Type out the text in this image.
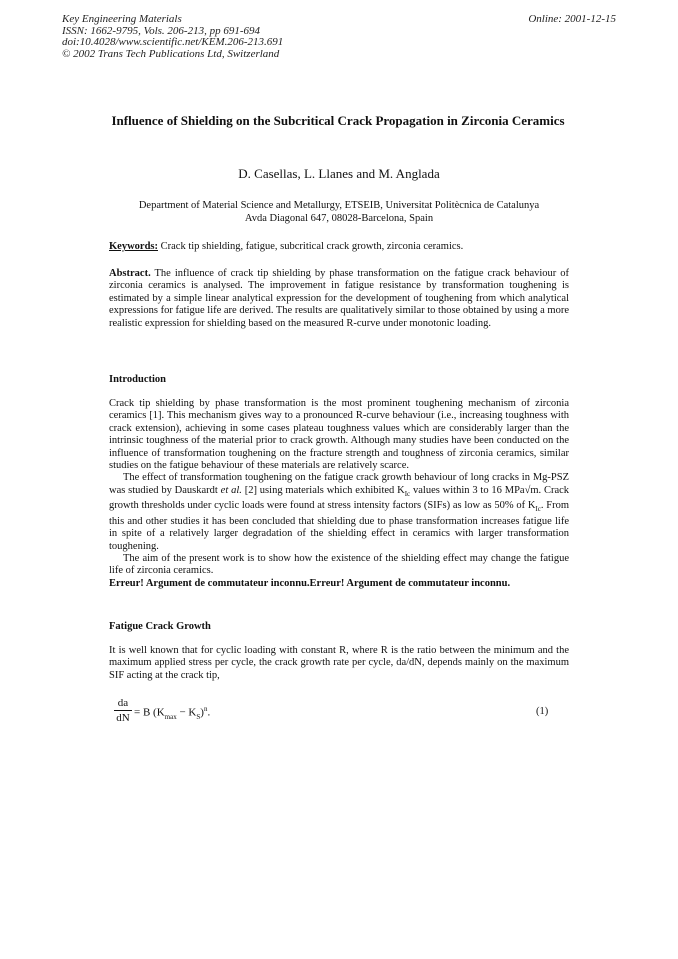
Key Engineering Materials
ISSN: 1662-9795, Vols. 206-213, pp 691-694
doi:10.4028/www.scientific.net/KEM.206-213.691
© 2002 Trans Tech Publications Ltd, Switzerland
Online: 2001-12-15
Influence of Shielding on the Subcritical Crack Propagation in Zirconia Ceramics
D. Casellas, L. Llanes and M. Anglada
Department of Material Science and Metallurgy, ETSEIB, Universitat Politècnica de Catalunya
Avda Diagonal 647, 08028-Barcelona, Spain
Keywords: Crack tip shielding, fatigue, subcritical crack growth, zirconia ceramics.

Abstract. The influence of crack tip shielding by phase transformation on the fatigue crack behaviour of zirconia ceramics is analysed. The improvement in fatigue resistance by transformation toughening is estimated by a simple linear analytical expression for the development of toughening from which analytical expressions for fatigue life are derived. The results are qualitatively similar to those obtained by using a more realistic expression for shielding based on the measured R-curve under monotonic loading.

Introduction

Crack tip shielding by phase transformation is the most prominent toughening mechanism of zirconia ceramics [1]. This mechanism gives way to a pronounced R-curve behaviour (i.e., increasing toughness with crack extension), achieving in some cases plateau toughness values which are considerably larger than the intrinsic toughness of the material prior to crack growth. Although many studies have been conducted on the influence of transformation toughening on the fracture strength and toughness of zirconia ceramics, similar studies on the fatigue behaviour of these materials are relatively scarce.

The effect of transformation toughening on the fatigue crack growth behaviour of long cracks in Mg-PSZ was studied by Dauskardt et al. [2] using materials which exhibited $K_{Ic}$ values within 3 to 16 MPa√m. Crack growth thresholds under cyclic loads were found at stress intensity factors (SIFs) as low as 50% of $K_{Ic}$. From this and other studies it has been concluded that shielding due to phase transformation increases fatigue life in spite of a relatively larger degradation of the shielding effect in ceramics with larger transformation toughening.

The aim of the present work is to show how the existence of the shielding effect may change the fatigue life of zirconia ceramics.

Erreur! Argument de commutateur inconnu.Erreur! Argument de commutateur inconnu.

Fatigue Crack Growth

It is well known that for cyclic loading with constant R, where R is the ratio between the minimum and the maximum applied stress per cycle, the crack growth rate per cycle, da/dN, depends mainly on the maximum SIF acting at the crack tip,

da
dN = B $(K_{max} - K_S)^n$.	(1)
